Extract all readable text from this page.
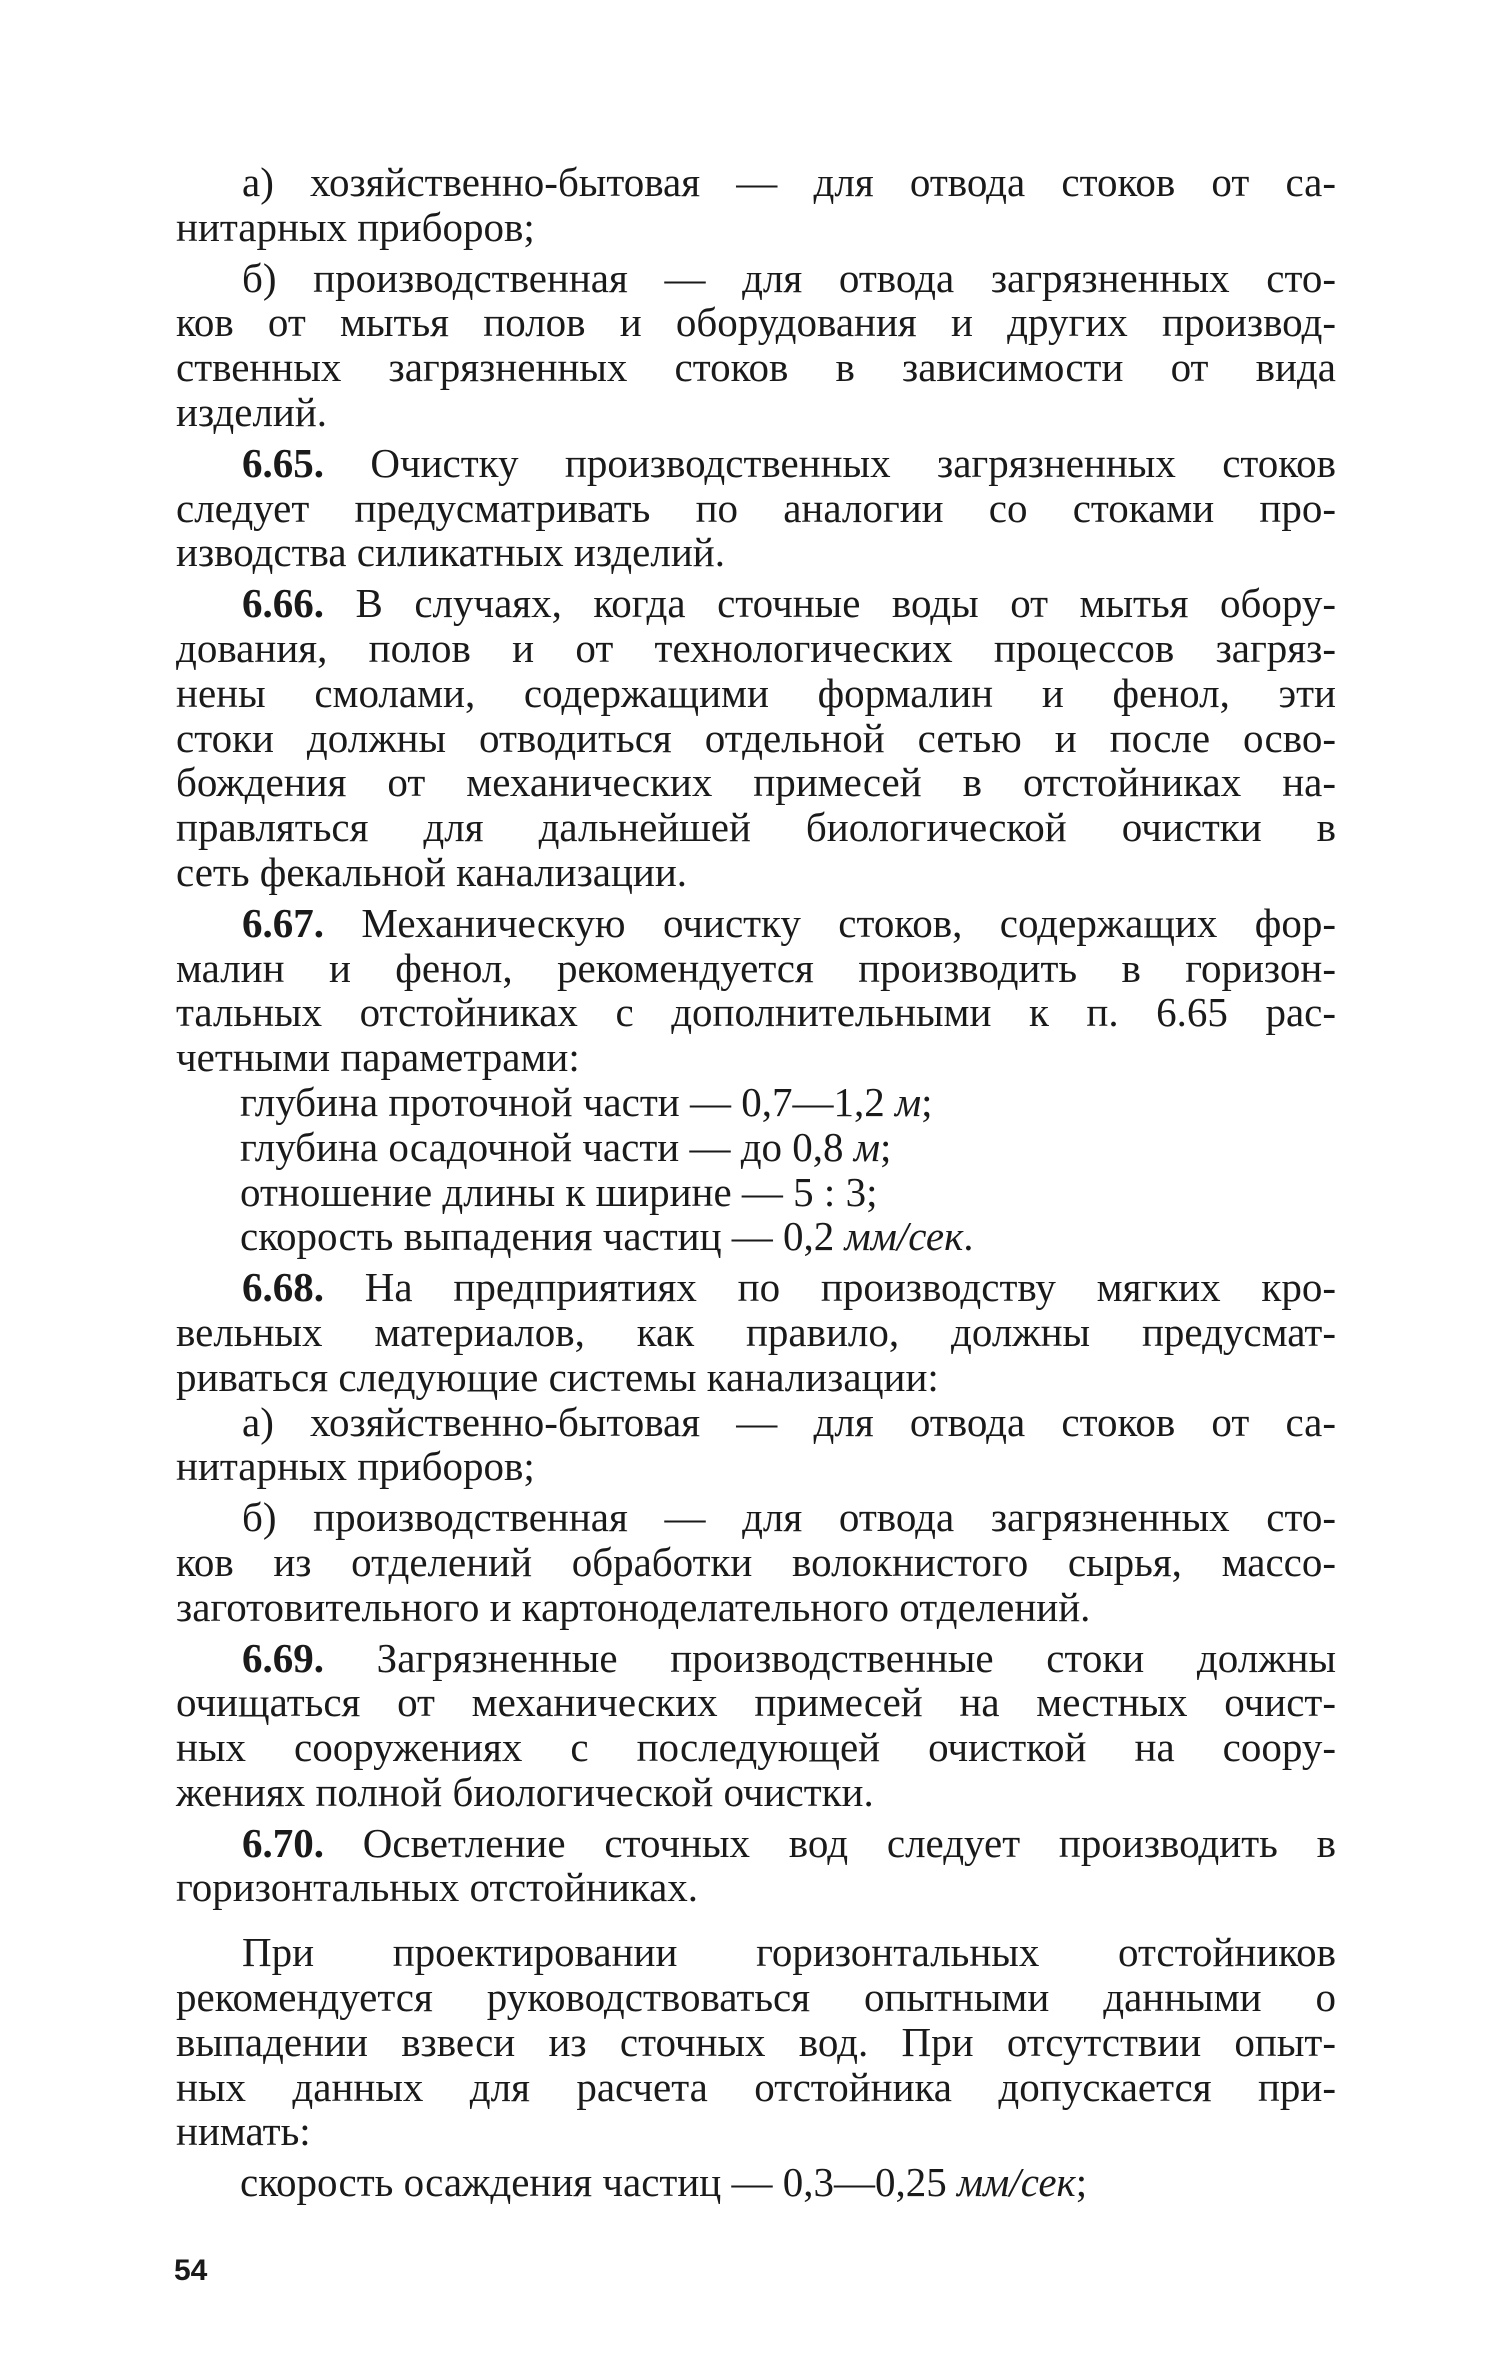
а) хозяйственно-бытовая — для отвода стоков от са-
нитарных приборов;
б) производственная — для отвода загрязненных сто-
ков от мытья полов и оборудования и других производ-
ственных загрязненных стоков в зависимости от вида
изделий.
6.65. Очистку производственных загрязненных стоков
следует предусматривать по аналогии со стоками про-
изводства силикатных изделий.
6.66. В случаях, когда сточные воды от мытья обору-
дования, полов и от технологических процессов загряз-
нены смолами, содержащими формалин и фенол, эти
стоки должны отводиться отдельной сетью и после осво-
бождения от механических примесей в отстойниках на-
правляться для дальнейшей биологической очистки в
сеть фекальной канализации.
6.67. Механическую очистку стоков, содержащих фор-
малин и фенол, рекомендуется производить в горизон-
тальных отстойниках с дополнительными к п. 6.65 рас-
четными параметрами:
глубина проточной части — 0,7—1,2 м;
глубина осадочной части — до 0,8 м;
отношение длины к ширине — 5 : 3;
скорость выпадения частиц — 0,2 мм/сек.
6.68. На предприятиях по производству мягких кро-
вельных материалов, как правило, должны предусмат-
риваться следующие системы канализации:
а) хозяйственно-бытовая — для отвода стоков от са-
нитарных приборов;
б) производственная — для отвода загрязненных сто-
ков из отделений обработки волокнистого сырья, массо-
заготовительного и картоноделательного отделений.
6.69. Загрязненные производственные стоки должны
очищаться от механических примесей на местных очист-
ных сооружениях с последующей очисткой на соору-
жениях полной биологической очистки.
6.70. Осветление сточных вод следует производить в
горизонтальных отстойниках.
При проектировании горизонтальных отстойников
рекомендуется руководствоваться опытными данными о
выпадении взвеси из сточных вод. При отсутствии опыт-
ных данных для расчета отстойника допускается при-
нимать:
скорость осаждения частиц — 0,3—0,25 мм/сек;
54
